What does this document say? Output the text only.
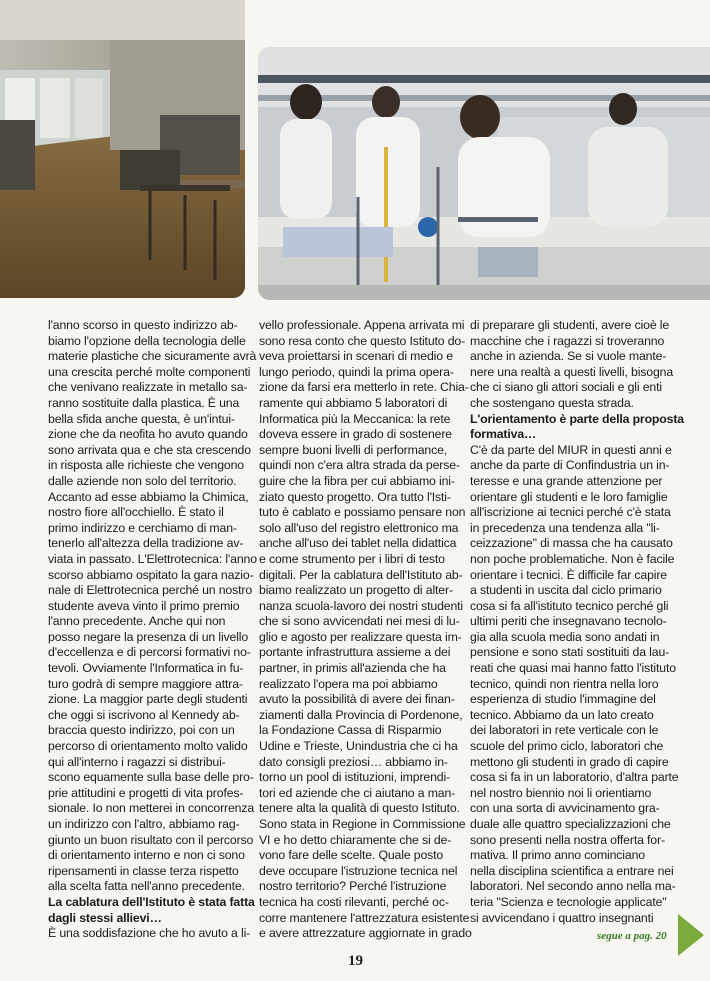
l'anno scorso in questo indirizzo ab-
biamo l'opzione della tecnologia delle
materie plastiche che sicuramente avrà
una crescita perché molte componenti
che venivano realizzate in metallo sa-
ranno sostituite dalla plastica. È una
bella sfida anche questa, è un'intui-
zione che da neofita ho avuto quando
sono arrivata qua e che sta crescendo
in risposta alle richieste che vengono
dalle aziende non solo del territorio.
Accanto ad esse abbiamo la Chimica,
nostro fiore all'occhiello. È stato il
primo indirizzo e cerchiamo di man-
tenerlo all'altezza della tradizione av-
viata in passato. L'Elettrotecnica: l'anno
scorso abbiamo ospitato la gara nazio-
nale di Elettrotecnica perché un nostro
studente aveva vinto il primo premio
l'anno precedente. Anche qui non
posso negare la presenza di un livello
d'eccellenza e di percorsi formativi no-
tevoli. Ovviamente l'Informatica in fu-
turo godrà di sempre maggiore attra-
zione. La maggior parte degli studenti
che oggi si iscrivono al Kennedy ab-
braccia questo indirizzo, poi con un
percorso di orientamento molto valido
qui all'interno i ragazzi si distribui-
scono equamente sulla base delle pro-
prie attitudini e progetti di vita profes-
sionale. Io non metterei in concorrenza
un indirizzo con l'altro, abbiamo rag-
giunto un buon risultato con il percorso
di orientamento interno e non ci sono
ripensamenti in classe terza rispetto
alla scelta fatta nell'anno precedente.
La cablatura dell'Istituto è stata fatta
dagli stessi allievi…
È una soddisfazione che ho avuto a li-
vello professionale. Appena arrivata mi
sono resa conto che questo Istituto do-
veva proiettarsi in scenari di medio e
lungo periodo, quindi la prima opera-
zione da farsi era metterlo in rete. Chia-
ramente qui abbiamo 5 laboratori di
Informatica più la Meccanica: la rete
doveva essere in grado di sostenere
sempre buoni livelli di performance,
quindi non c'era altra strada da perse-
guire che la fibra per cui abbiamo ini-
ziato questo progetto. Ora tutto l'Isti-
tuto è cablato e possiamo pensare non
solo all'uso del registro elettronico ma
anche all'uso dei tablet nella didattica
e come strumento per i libri di testo
digitali. Per la cablatura dell'Istituto ab-
biamo realizzato un progetto di alter-
nanza scuola-lavoro dei nostri studenti
che si sono avvicendati nei mesi di lu-
glio e agosto per realizzare questa im-
portante infrastruttura assieme a dei
partner, in primis all'azienda che ha
realizzato l'opera ma poi abbiamo
avuto la possibilità di avere dei finan-
ziamenti dalla Provincia di Pordenone,
la Fondazione Cassa di Risparmio
Udine e Trieste, Unindustria che ci ha
dato consigli preziosi… abbiamo in-
torno un pool di istituzioni, imprendi-
tori ed aziende che ci aiutano a man-
tenere alta la qualità di questo Istituto.
Sono stata in Regione in Commissione
VI e ho detto chiaramente che si de-
vono fare delle scelte. Quale posto
deve occupare l'istruzione tecnica nel
nostro territorio? Perché l'istruzione
tecnica ha costi rilevanti, perché oc-
corre mantenere l'attrezzatura esistente
e avere attrezzature aggiornate in grado
di preparare gli studenti, avere cioè le
macchine che i ragazzi si troveranno
anche in azienda. Se si vuole mante-
nere una realtà a questi livelli, bisogna
che ci siano gli attori sociali e gli enti
che sostengano questa strada.
L'orientamento è parte della proposta
formativa…
C'è da parte del MIUR in questi anni e
anche da parte di Confindustria un in-
teresse e una grande attenzione per
orientare gli studenti e le loro famiglie
all'iscrizione ai tecnici perché c'è stata
in precedenza una tendenza alla "li-
ceizzazione" di massa che ha causato
non poche problematiche. Non è facile
orientare i tecnici. È difficile far capire
a studenti in uscita dal ciclo primario
cosa si fa all'istituto tecnico perché gli
ultimi periti che insegnavano tecnolo-
gia alla scuola media sono andati in
pensione e sono stati sostituiti da lau-
reati che quasi mai hanno fatto l'istituto
tecnico, quindi non rientra nella loro
esperienza di studio l'immagine del
tecnico. Abbiamo da un lato creato
dei laboratori in rete verticale con le
scuole del primo ciclo, laboratori che
mettono gli studenti in grado di capire
cosa si fa in un laboratorio, d'altra parte
nel nostro biennio noi li orientiamo
con una sorta di avvicinamento gra-
duale alle quattro specializzazioni che
sono presenti nella nostra offerta for-
mativa. Il primo anno cominciano
nella disciplina scientifica a entrare nei
laboratori. Nel secondo anno nella ma-
teria "Scienza e tecnologie applicate"
si avvicendano i quattro insegnanti
segue a pag. 20
19
